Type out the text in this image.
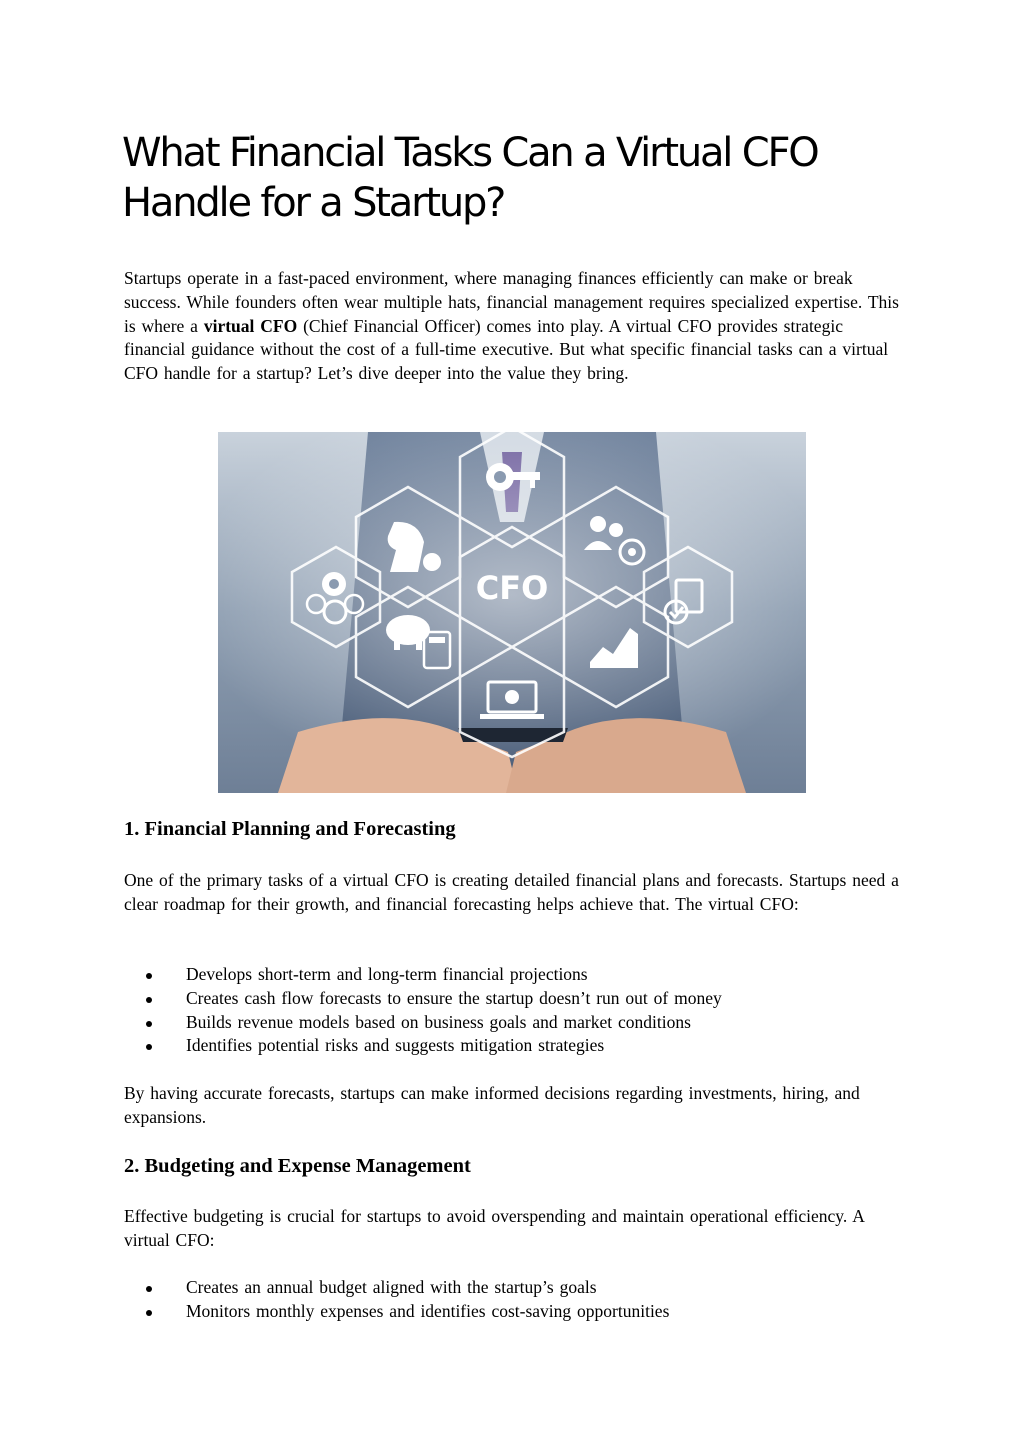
What Financial Tasks Can a Virtual CFO Handle for a Startup?

Startups operate in a fast-paced environment, where managing finances efficiently can make or break success. While founders often wear multiple hats, financial management requires specialized expertise. This is where a virtual CFO (Chief Financial Officer) comes into play. A virtual CFO provides strategic financial guidance without the cost of a full-time executive. But what specific financial tasks can a virtual CFO handle for a startup? Let’s dive deeper into the value they bring.

CFO
1. Financial Planning and Forecasting

One of the primary tasks of a virtual CFO is creating detailed financial plans and forecasts. Startups need a clear roadmap for their growth, and financial forecasting helps achieve that. The virtual CFO:

Develops short-term and long-term financial projections
Creates cash flow forecasts to ensure the startup doesn’t run out of money
Builds revenue models based on business goals and market conditions
Identifies potential risks and suggests mitigation strategies

By having accurate forecasts, startups can make informed decisions regarding investments, hiring, and expansions.

2. Budgeting and Expense Management

Effective budgeting is crucial for startups to avoid overspending and maintain operational efficiency. A virtual CFO:

Creates an annual budget aligned with the startup’s goals
Monitors monthly expenses and identifies cost-saving opportunities
